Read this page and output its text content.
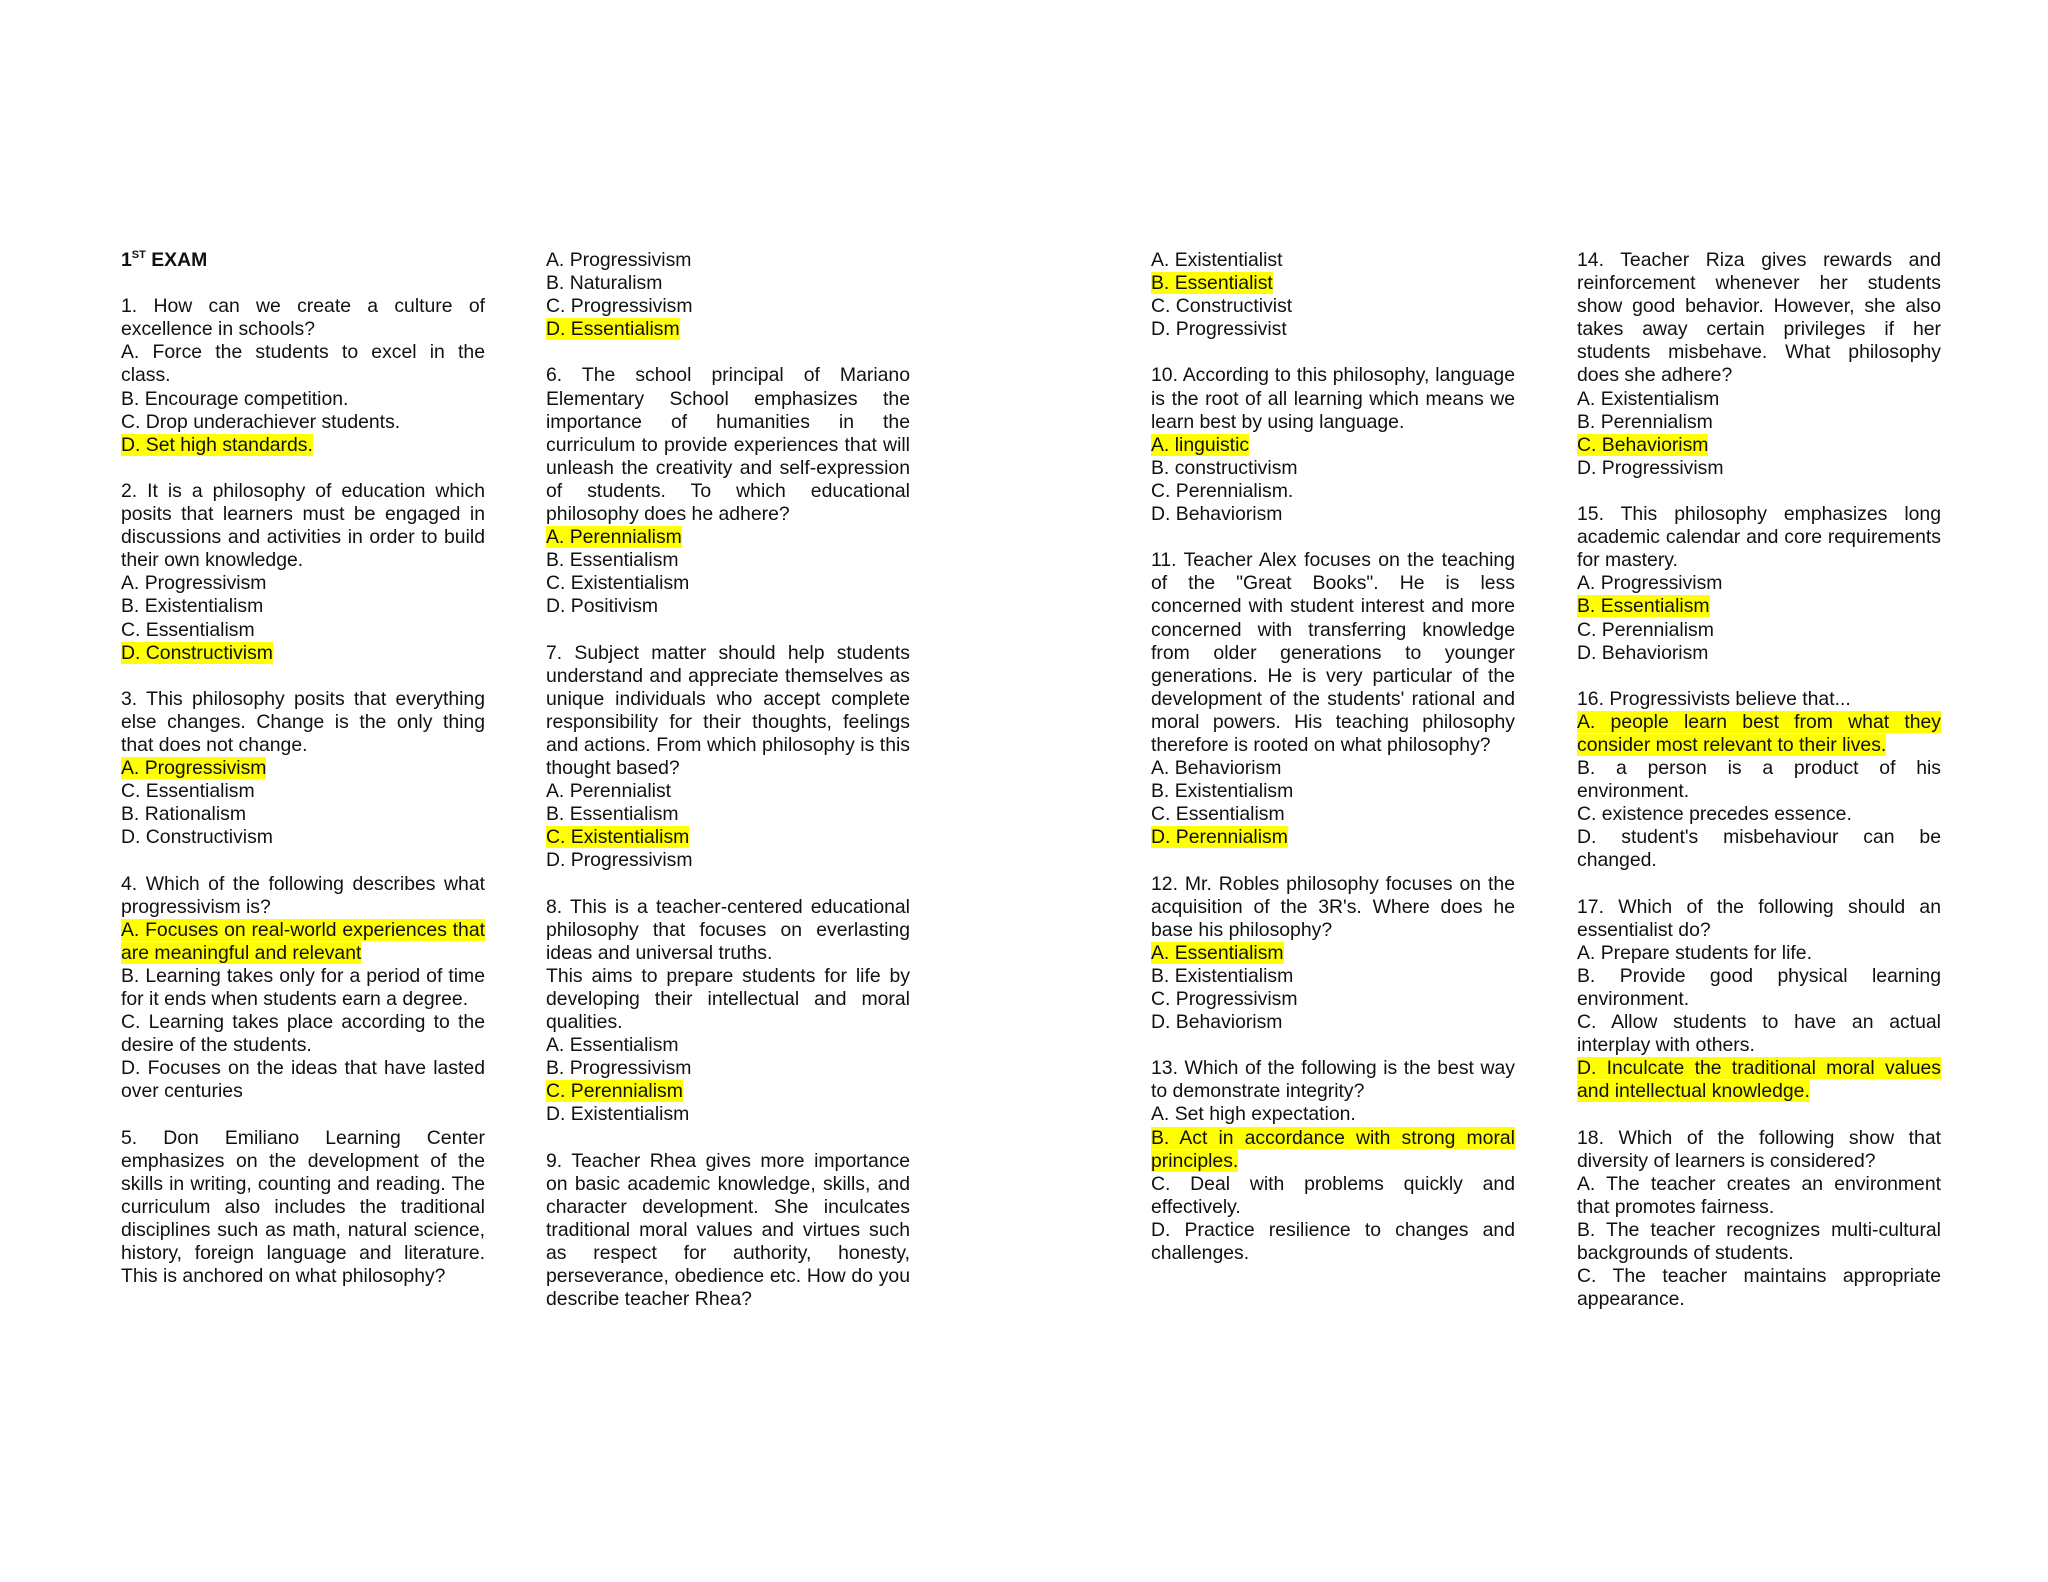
1ST EXAM

1. How can we create a culture of excellence in schools?

A. Force the students to excel in the class.

B. Encourage competition.

C. Drop underachiever students.

D. Set high standards.

2. It is a philosophy of education which posits that learners must be engaged in discussions and activities in order to build their own knowledge.

A. Progressivism

B. Existentialism

C. Essentialism

D. Constructivism

3. This philosophy posits that everything else changes. Change is the only thing that does not change.

A. Progressivism

C. Essentialism

B. Rationalism

D. Constructivism

4. Which of the following describes what progressivism is?

A. Focuses on real-world experiences that are meaningful and relevant

B. Learning takes only for a period of time for it ends when students earn a degree.

C. Learning takes place according to the desire of the students.

D. Focuses on the ideas that have lasted over centuries

5. Don Emiliano Learning Center emphasizes on the development of the skills in writing, counting and reading. The curriculum also includes the traditional disciplines such as math, natural science, history, foreign language and literature. This is anchored on what philosophy?

A. Progressivism

B. Naturalism

C. Progressivism

D. Essentialism

6. The school principal of Mariano Elementary School emphasizes the importance of humanities in the curriculum to provide experiences that will unleash the creativity and self-expression of students. To which educational philosophy does he adhere?

A. Perennialism

B. Essentialism

C. Existentialism

D. Positivism

7. Subject matter should help students understand and appreciate themselves as unique individuals who accept complete responsibility for their thoughts, feelings and actions. From which philosophy is this thought based?

A. Perennialist

B. Essentialism

C. Existentialism

D. Progressivism

8. This is a teacher-centered educational philosophy that focuses on everlasting ideas and universal truths.

This aims to prepare students for life by developing their intellectual and moral qualities.

A. Essentialism

B. Progressivism

C. Perennialism

D. Existentialism

9. Teacher Rhea gives more importance on basic academic knowledge, skills, and character development. She inculcates traditional moral values and virtues such as respect for authority, honesty, perseverance, obedience etc. How do you describe teacher Rhea?

A. Existentialist

B. Essentialist

C. Constructivist

D. Progressivist

10. According to this philosophy, language is the root of all learning which means we learn best by using language.

A. linguistic

B. constructivism

C. Perennialism.

D. Behaviorism

11. Teacher Alex focuses on the teaching of the "Great Books". He is less concerned with student interest and more concerned with transferring knowledge from older generations to younger generations. He is very particular of the development of the students' rational and moral powers. His teaching philosophy therefore is rooted on what philosophy?

A. Behaviorism

B. Existentialism

C. Essentialism

D. Perennialism

12. Mr. Robles philosophy focuses on the acquisition of the 3R's. Where does he base his philosophy?

A. Essentialism

B. Existentialism

C. Progressivism

D. Behaviorism

13. Which of the following is the best way to demonstrate integrity?

A. Set high expectation.

B. Act in accordance with strong moral principles.

C. Deal with problems quickly and effectively.

D. Practice resilience to changes and challenges.

14. Teacher Riza gives rewards and reinforcement whenever her students show good behavior. However, she also takes away certain privileges if her students misbehave. What philosophy does she adhere?

A. Existentialism

B. Perennialism

C. Behaviorism

D. Progressivism

15. This philosophy emphasizes long academic calendar and core requirements for mastery.

A. Progressivism

B. Essentialism

C. Perennialism

D. Behaviorism

16. Progressivists believe that...

A. people learn best from what they consider most relevant to their lives.

B. a person is a product of his environment.

C. existence precedes essence.

D. student's misbehaviour can be changed.

17. Which of the following should an essentialist do?

A. Prepare students for life.

B. Provide good physical learning environment.

C. Allow students to have an actual interplay with others.

D. Inculcate the traditional moral values and intellectual knowledge.

18. Which of the following show that diversity of learners is considered?

A. The teacher creates an environment that promotes fairness.

B. The teacher recognizes multi-cultural backgrounds of students.

C. The teacher maintains appropriate appearance.
